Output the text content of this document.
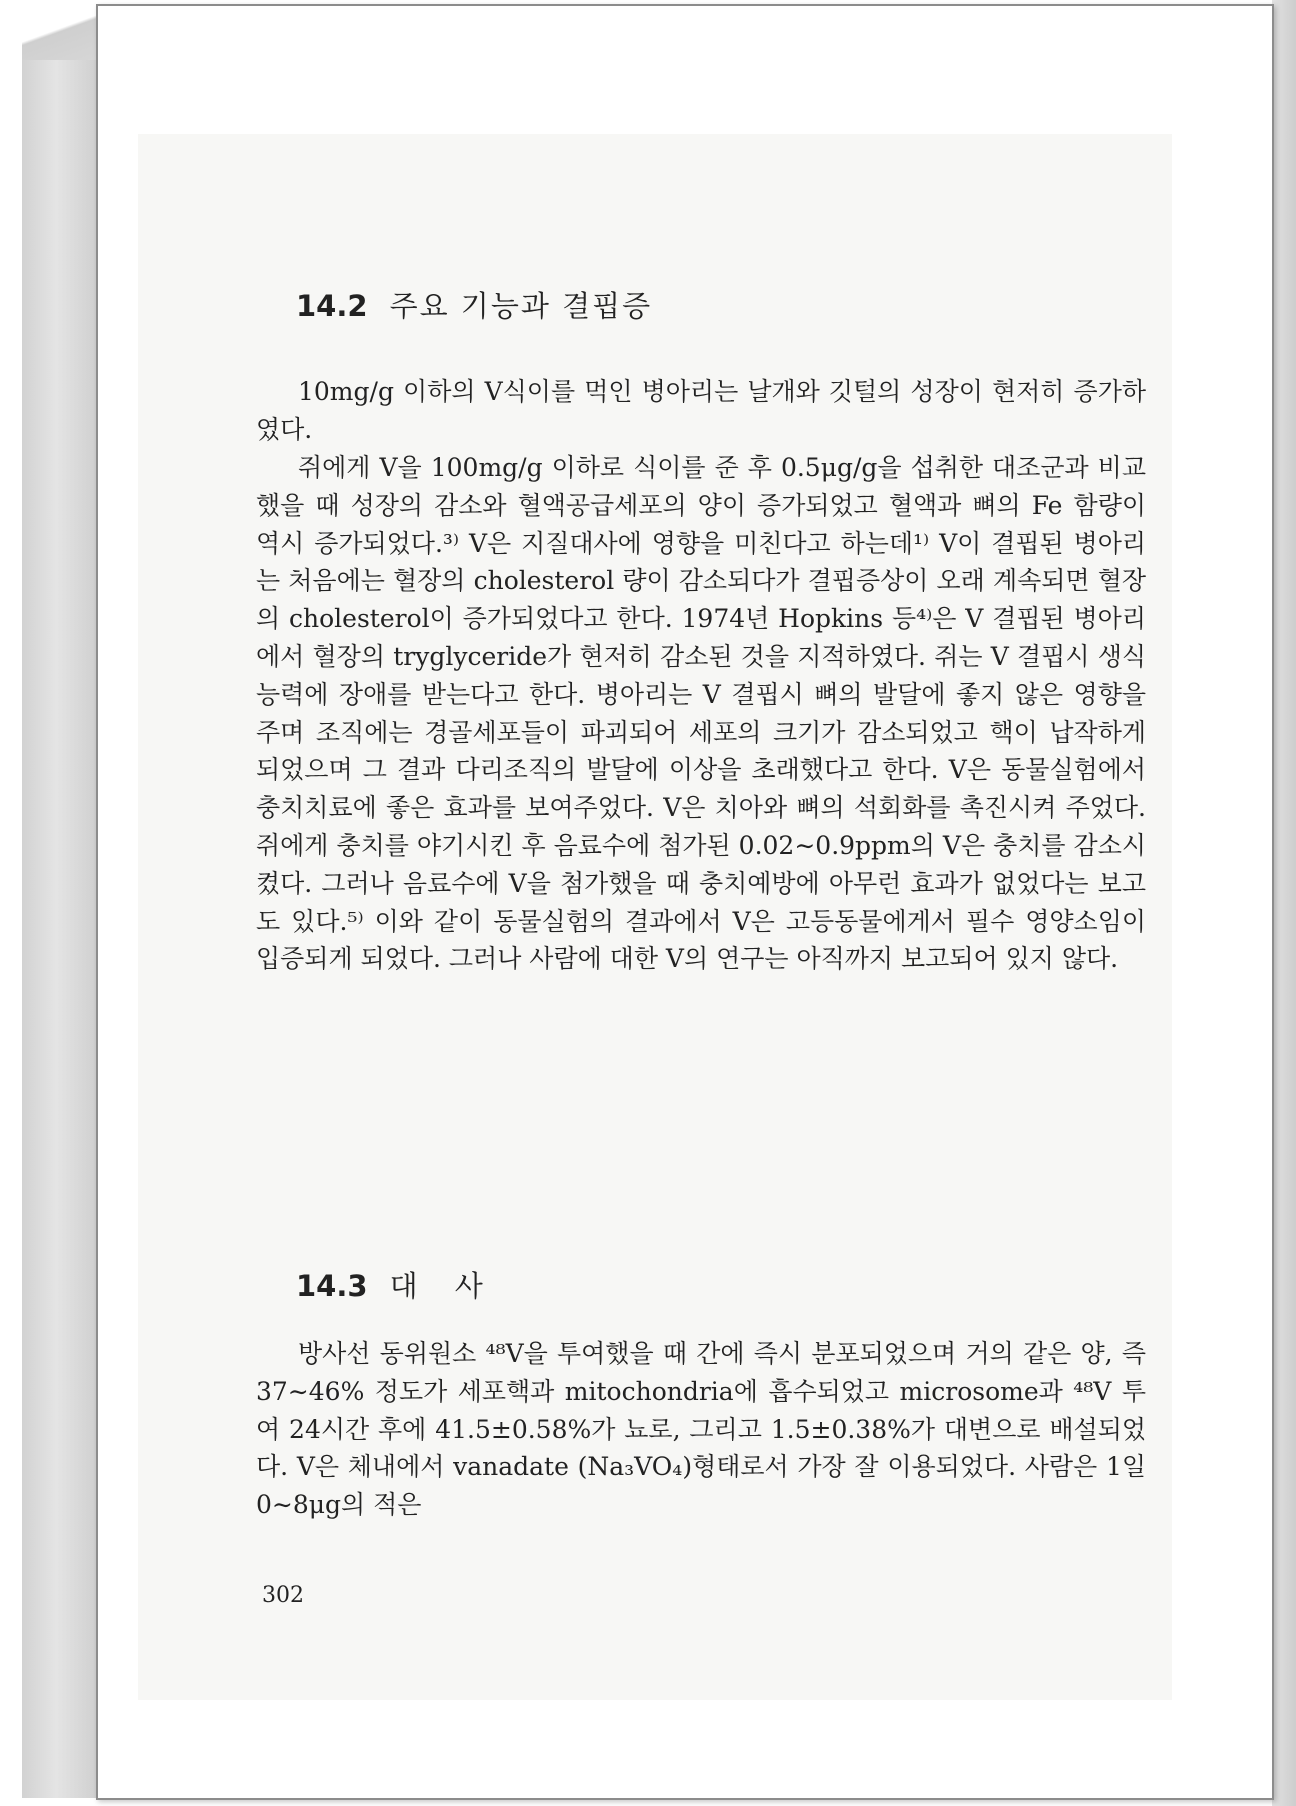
14.2 주요 기능과 결핍증

10mg/g 이하의 V식이를 먹인 병아리는 날개와 깃털의 성장이 현저히 증가하였다.

쥐에게 V을 100mg/g 이하로 식이를 준 후 0.5μg/g을 섭취한 대조군과 비교했을 때 성장의 감소와 혈액공급세포의 양이 증가되었고 혈액과 뼈의 Fe 함량이 역시 증가되었다.³⁾ V은 지질대사에 영향을 미친다고 하는데¹⁾ V이 결핍된 병아리는 처음에는 혈장의 cholesterol 량이 감소되다가 결핍증상이 오래 계속되면 혈장의 cholesterol이 증가되었다고 한다. 1974년 Hopkins 등⁴⁾은 V 결핍된 병아리에서 혈장의 tryglyceride가 현저히 감소된 것을 지적하였다. 쥐는 V 결핍시 생식 능력에 장애를 받는다고 한다. 병아리는 V 결핍시 뼈의 발달에 좋지 않은 영향을 주며 조직에는 경골세포들이 파괴되어 세포의 크기가 감소되었고 핵이 납작하게 되었으며 그 결과 다리조직의 발달에 이상을 초래했다고 한다. V은 동물실험에서 충치치료에 좋은 효과를 보여주었다. V은 치아와 뼈의 석회화를 촉진시켜 주었다. 쥐에게 충치를 야기시킨 후 음료수에 첨가된 0.02∼0.9ppm의 V은 충치를 감소시켰다. 그러나 음료수에 V을 첨가했을 때 충치예방에 아무런 효과가 없었다는 보고도 있다.⁵⁾ 이와 같이 동물실험의 결과에서 V은 고등동물에게서 필수 영양소임이 입증되게 되었다. 그러나 사람에 대한 V의 연구는 아직까지 보고되어 있지 않다.

14.3 대 사

방사선 동위원소 ⁴⁸V을 투여했을 때 간에 즉시 분포되었으며 거의 같은 양, 즉 37∼46% 정도가 세포핵과 mitochondria에 흡수되었고 microsome과 ⁴⁸V 투여 24시간 후에 41.5±0.58%가 뇨로, 그리고 1.5±0.38%가 대변으로 배설되었다. V은 체내에서 vanadate (Na₃VO₄)형태로서 가장 잘 이용되었다. 사람은 1일 0∼8μg의 적은

302
